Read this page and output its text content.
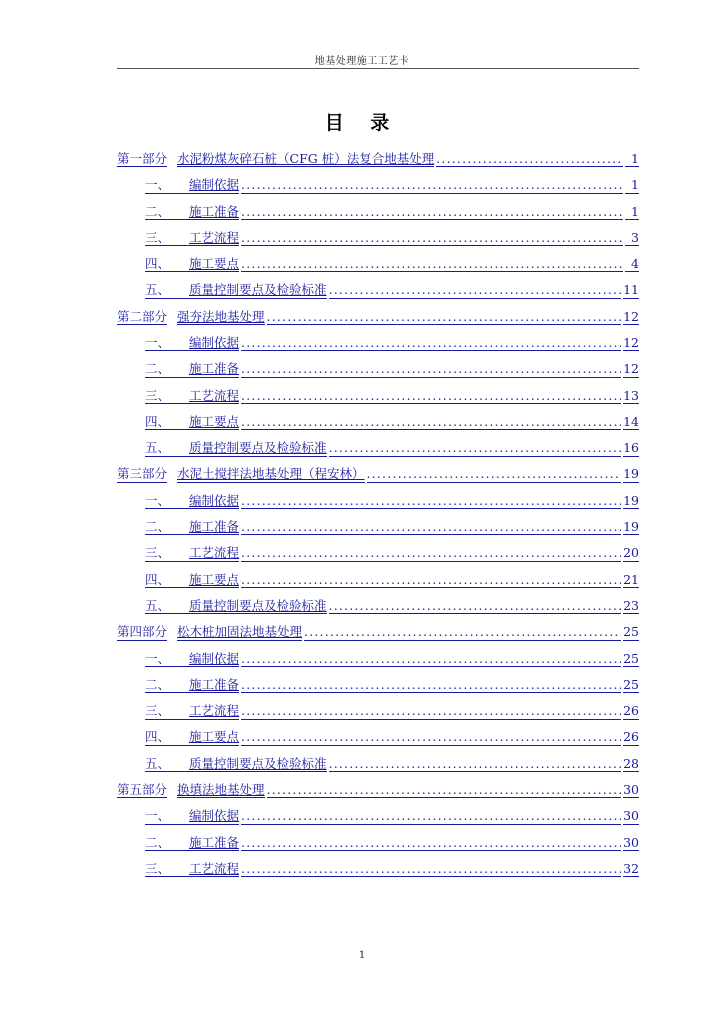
地基处理施工工艺卡
目 录
第一部分 水泥粉煤灰碎石桩（CFG 桩）法复合地基处理 .....	1
一、	编制依据 .....	1
二、	施工准备 .....	1
三、	工艺流程 .....	3
四、	施工要点 .....	4
五、	质量控制要点及检验标准 .....	11
第二部分 强夯法地基处理 .....	12
一、	编制依据 .....	12
二、	施工准备 .....	12
三、	工艺流程 .....	13
四、	施工要点 .....	14
五、	质量控制要点及检验标准 .....	16
第三部分 水泥土搅拌法地基处理（程安林） .....	19
一、	编制依据 .....	19
二、	施工准备 .....	19
三、	工艺流程 .....	20
四、	施工要点 .....	21
五、	质量控制要点及检验标准 .....	23
第四部分 松木桩加固法地基处理 .....	25
一、	编制依据 .....	25
二、	施工准备 .....	25
三、	工艺流程 .....	26
四、	施工要点 .....	26
五、	质量控制要点及检验标准 .....	28
第五部分 换填法地基处理 .....	30
一、	编制依据 .....	30
二、	施工准备 .....	30
三、	工艺流程 .....	32
1
